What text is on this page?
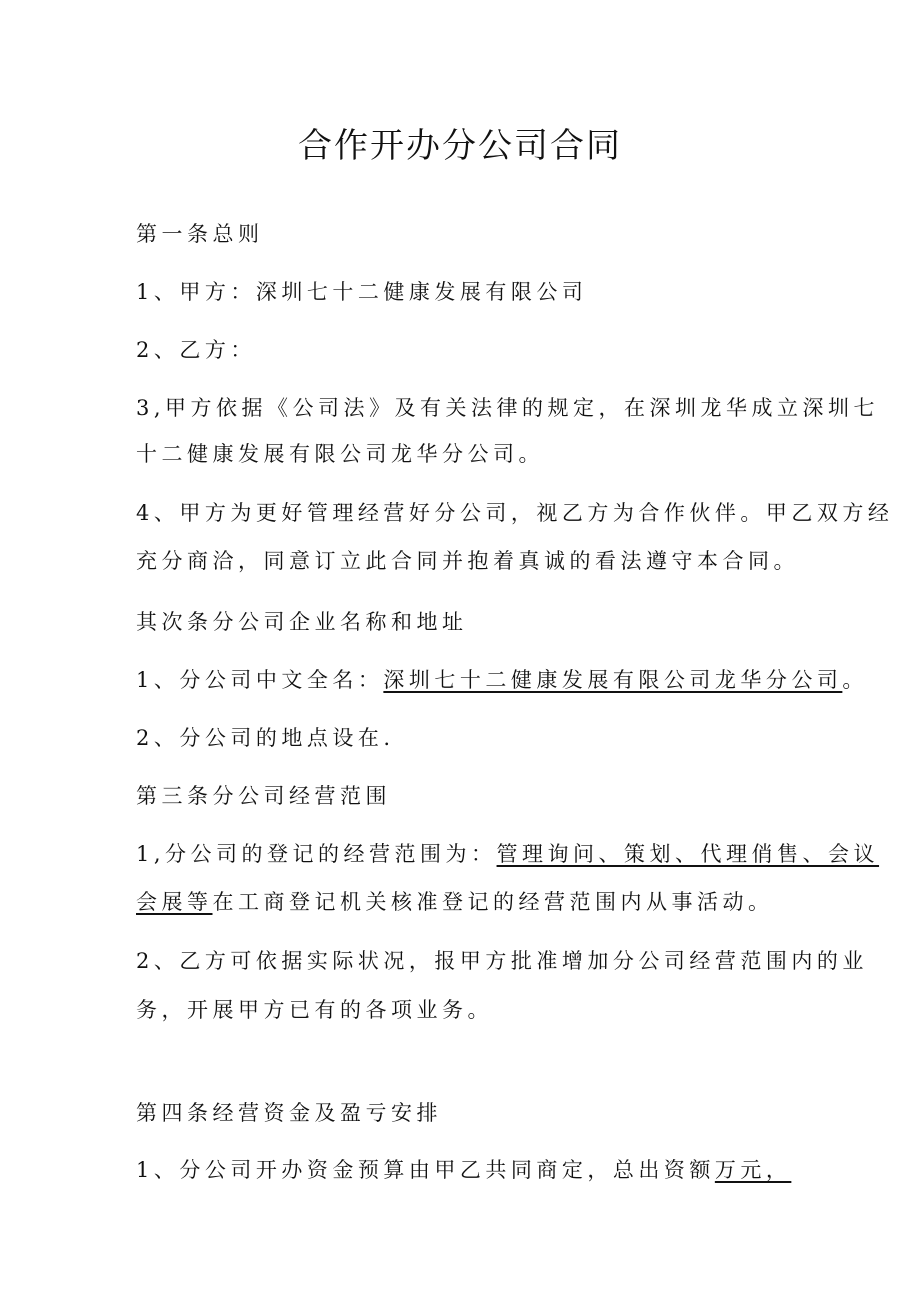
合作开办分公司合同

第一条总则

1、甲方：深圳七十二健康发展有限公司

2、乙方：

3,甲方依据《公司法》及有关法律的规定，在深圳龙华成立深圳七

十二健康发展有限公司龙华分公司。

4、甲方为更好管理经营好分公司，视乙方为合作伙伴。甲乙双方经

充分商洽，同意订立此合同并抱着真诚的看法遵守本合同。

其次条分公司企业名称和地址

1、分公司中文全名：深圳七十二健康发展有限公司龙华分公司。

2、分公司的地点设在.

第三条分公司经营范围

1,分公司的登记的经营范围为：管理询问、策划、代理俏售、会议

会展等在工商登记机关核准登记的经营范围内从事活动。

2、乙方可依据实际状况，报甲方批准增加分公司经营范围内的业

务，开展甲方已有的各项业务。

第四条经营资金及盈亏安排

1、分公司开办资金预算由甲乙共同商定，总出资额万元，
